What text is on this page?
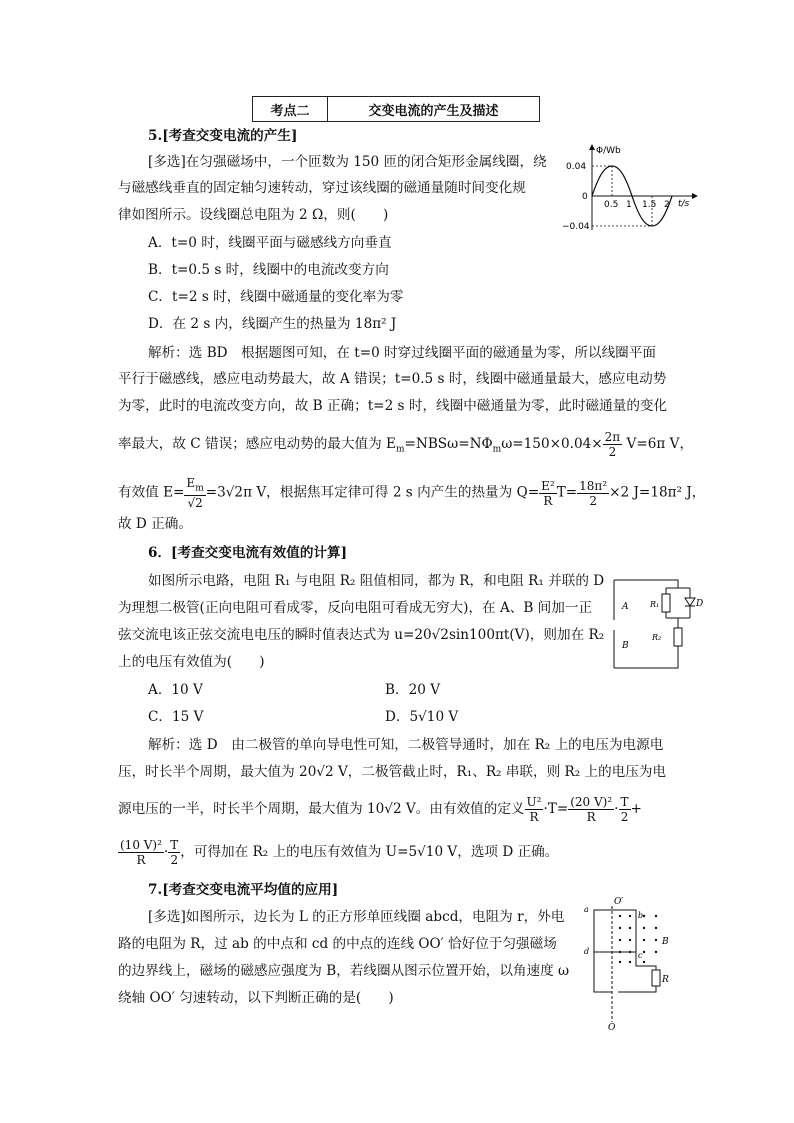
考点二	交变电流的产生及描述
5.[考查交变电流的产生]
[多选]在匀强磁场中，一个匝数为 150 匝的闭合矩形金属线圈，绕
与磁感线垂直的固定轴匀速转动，穿过该线圈的磁通量随时间变化规
律如图所示。设线圈总电阻为 2 Ω，则(　　)
A．t=0 时，线圈平面与磁感线方向垂直
B．t=0.5 s 时，线圈中的电流改变方向
C．t=2 s 时，线圈中磁通量的变化率为零
D．在 2 s 内，线圈产生的热量为 18π² J
Φ/Wb
t/s
0.04
0
−0.04
0.5 1 1.5 2
解析：选 BD　根据题图可知，在 t=0 时穿过线圈平面的磁通量为零，所以线圈平面
平行于磁感线，感应电动势最大，故 A 错误；t=0.5 s 时，线圈中磁通量最大，感应电动势
为零，此时的电流改变方向，故 B 正确；t=2 s 时，线圈中磁通量为零，此时磁通量的变化
率最大，故 C 错误；感应电动势的最大值为 $E_m=NBS\omega=N\Phi_m\omega=150\times 0.04\times \frac{2\pi}{2} V=6\pi$ V，
有效值 $E= \frac{E_m}{√2} =3√2\pi$ V，根据焦耳定律可得 2 s 内产生的热量为 $Q= \frac{\text{E²}}{R} T= \frac{\text{18π²}}{2} \times 2$ J=18π² J，
故 D 正确。
6．[考查交变电流有效值的计算]
如图所示电路，电阻 R₁ 与电阻 R₂ 阻值相同，都为 R，和电阻 R₁ 并联的 D
为理想二极管(正向电阻可看成零，反向电阻可看成无穷大)，在 A、B 间加一正
弦交流电该正弦交流电电压的瞬时值表达式为 u=20√2sin100πt(V)，则加在 R₂
上的电压有效值为(　　)
A．10 V	B．20 V
C．15 V	D．5√10 V
A
B
R₁
R₂
D
解析：选 D　由二极管的单向导电性可知，二极管导通时，加在 R₂ 上的电压为电源电
压，时长半个周期，最大值为 20√2 V，二极管截止时，R₁、R₂ 串联，则 R₂ 上的电压为电
源电压的一半，时长半个周期，最大值为 10√2 V。由有效值的定义 $\frac{\text{U²}}{R} \cdot T= \frac{\text{(20 V)²}}{R} \cdot \frac{T}{2}$ +
$\frac{\text{(10 V)²}}{R} \cdot \frac{T}{2}$ ，可得加在 R₂ 上的电压有效值为 U=5√10 V，选项 D 正确。
7.[考查交变电流平均值的应用]
[多选]如图所示，边长为 L 的正方形单匝线圈 abcd，电阻为 r，外电
路的电阻为 R，过 ab 的中点和 cd 的中点的连线 OO′ 恰好位于匀强磁场
的边界线上，磁场的磁感应强度为 B，若线圈从图示位置开始，以角速度 ω
绕轴 OO′ 匀速转动，以下判断正确的是(　　)
O′
O
a
b
c
d
B
R
